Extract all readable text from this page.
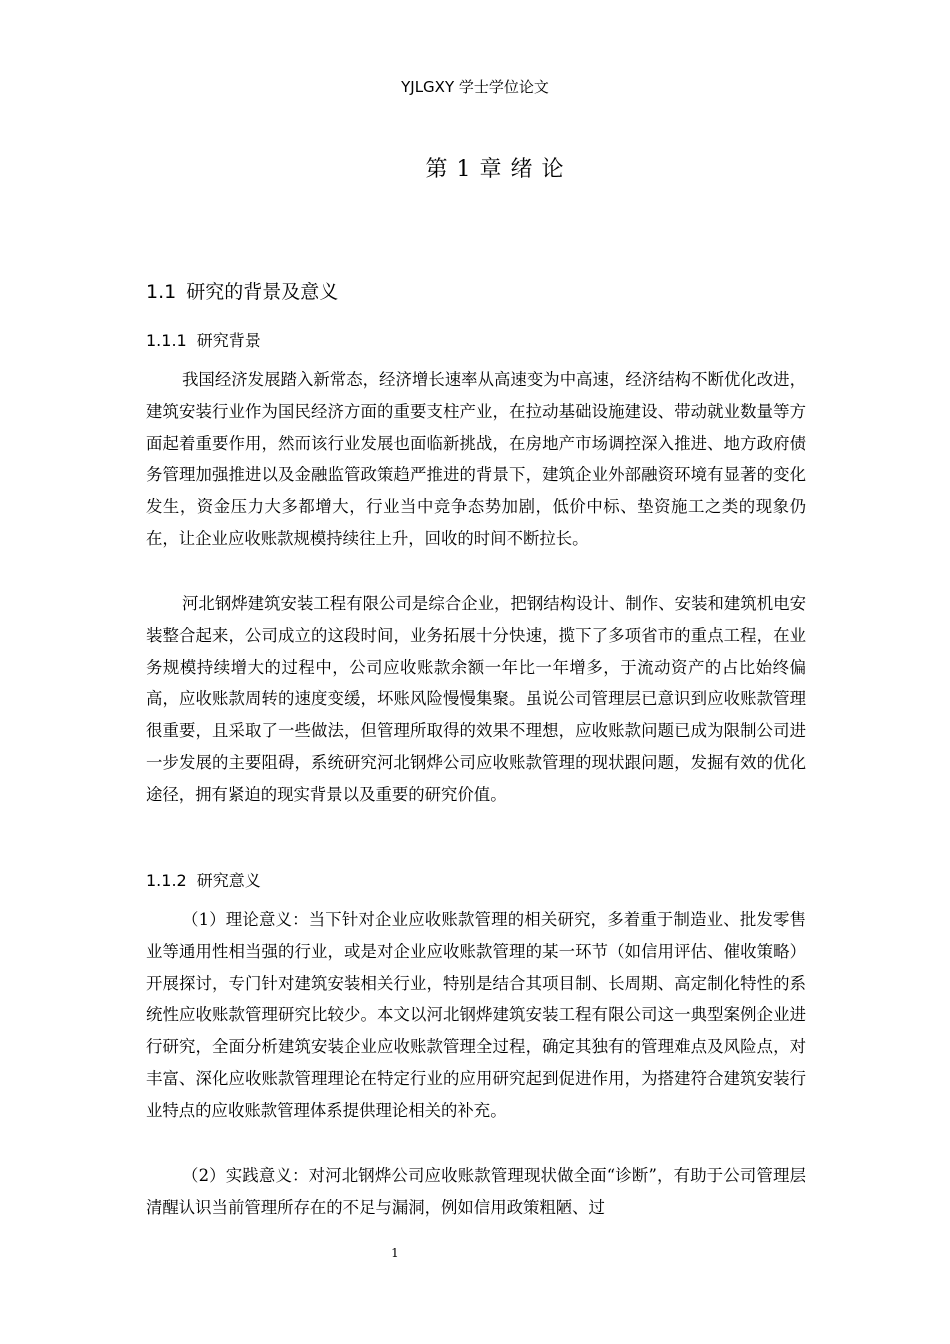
YJLGXY 学士学位论文
第 1 章 绪 论
1.1 研究的背景及意义
1.1.1 研究背景
我国经济发展踏入新常态，经济增长速率从高速变为中高速，经济结构不断优化改进，建筑安装行业作为国民经济方面的重要支柱产业，在拉动基础设施建设、带动就业数量等方面起着重要作用，然而该行业发展也面临新挑战，在房地产市场调控深入推进、地方政府债务管理加强推进以及金融监管政策趋严推进的背景下，建筑企业外部融资环境有显著的变化发生，资金压力大多都增大，行业当中竞争态势加剧，低价中标、垫资施工之类的现象仍在，让企业应收账款规模持续往上升，回收的时间不断拉长。
河北钢烨建筑安装工程有限公司是综合企业，把钢结构设计、制作、安装和建筑机电安装整合起来，公司成立的这段时间，业务拓展十分快速，揽下了多项省市的重点工程，在业务规模持续增大的过程中，公司应收账款余额一年比一年增多，于流动资产的占比始终偏高，应收账款周转的速度变缓，坏账风险慢慢集聚。虽说公司管理层已意识到应收账款管理很重要，且采取了一些做法，但管理所取得的效果不理想，应收账款问题已成为限制公司进一步发展的主要阻碍，系统研究河北钢烨公司应收账款管理的现状跟问题，发掘有效的优化途径，拥有紧迫的现实背景以及重要的研究价值。
1.1.2 研究意义
（1）理论意义：当下针对企业应收账款管理的相关研究，多着重于制造业、批发零售业等通用性相当强的行业，或是对企业应收账款管理的某一环节（如信用评估、催收策略）开展探讨，专门针对建筑安装相关行业，特别是结合其项目制、长周期、高定制化特性的系统性应收账款管理研究比较少。本文以河北钢烨建筑安装工程有限公司这一典型案例企业进行研究，全面分析建筑安装企业应收账款管理全过程，确定其独有的管理难点及风险点，对丰富、深化应收账款管理理论在特定行业的应用研究起到促进作用，为搭建符合建筑安装行业特点的应收账款管理体系提供理论相关的补充。
（2）实践意义：对河北钢烨公司应收账款管理现状做全面“诊断”，有助于公司管理层清醒认识当前管理所存在的不足与漏洞，例如信用政策粗陋、过
1
